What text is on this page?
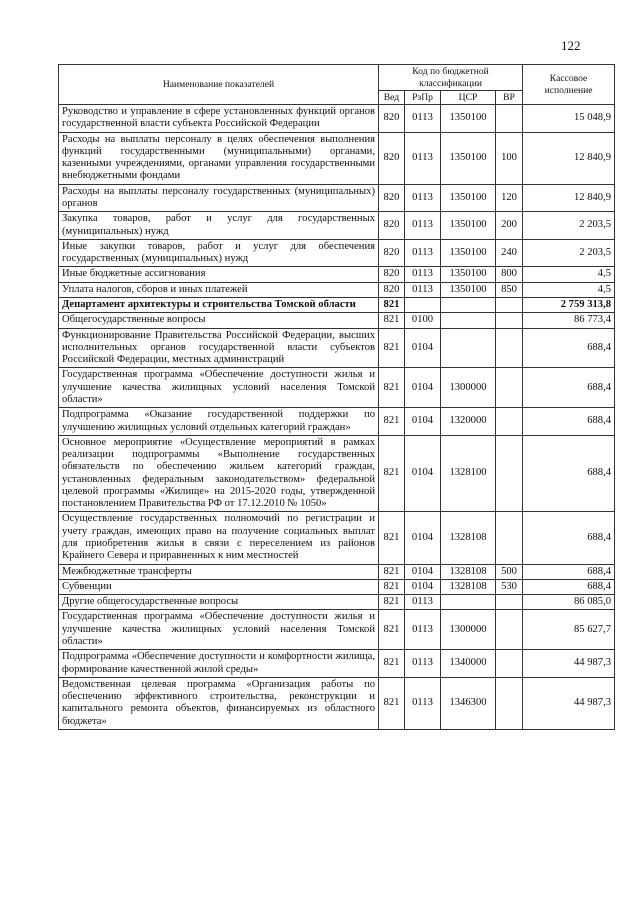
122
Наименование показателей	Код по бюджетной классификации				Кассовое исполнение
	Вед	РзПр	ЦСР	ВР	
Руководство и управление в сфере установленных функций органов государственной власти субъекта Российской Федерации	820	0113	1350100		15 048,9
Расходы на выплаты персоналу в целях обеспечения выполнения функций государственными (муниципальными) органами, казенными учреждениями, органами управления государственными внебюджетными фондами	820	0113	1350100	100	12 840,9
Расходы на выплаты персоналу государственных (муниципальных) органов	820	0113	1350100	120	12 840,9
Закупка товаров, работ и услуг для государственных (муниципальных) нужд	820	0113	1350100	200	2 203,5
Иные закупки товаров, работ и услуг для обеспечения государственных (муниципальных) нужд	820	0113	1350100	240	2 203,5
Иные бюджетные ассигнования	820	0113	1350100	800	4,5
Уплата налогов, сборов и иных платежей	820	0113	1350100	850	4,5
Департамент архитектуры и строительства Томской области	821				2 759 313,8
Общегосударственные вопросы	821	0100			86 773,4
Функционирование Правительства Российской Федерации, высших исполнительных органов государственной власти субъектов Российской Федерации, местных администраций	821	0104			688,4
Государственная программа «Обеспечение доступности жилья и улучшение качества жилищных условий населения Томской области»	821	0104	1300000		688,4
Подпрограмма «Оказание государственной поддержки по улучшению жилищных условий отдельных категорий граждан»	821	0104	1320000		688,4
Основное мероприятие «Осуществление мероприятий в рамках реализации подпрограммы «Выполнение государственных обязательств по обеспечению жильем категорий граждан, установленных федеральным законодательством» федеральной целевой программы «Жилище» на 2015-2020 годы, утвержденной постановлением Правительства РФ от 17.12.2010 № 1050»	821	0104	1328100		688,4
Осуществление государственных полномочий по регистрации и учету граждан, имеющих право на получение социальных выплат для приобретения жилья в связи с переселением из районов Крайнего Севера и приравненных к ним местностей	821	0104	1328108		688,4
Межбюджетные трансферты	821	0104	1328108	500	688,4
Субвенции	821	0104	1328108	530	688,4
Другие общегосударственные вопросы	821	0113			86 085,0
Государственная программа «Обеспечение доступности жилья и улучшение качества жилищных условий населения Томской области»	821	0113	1300000		85 627,7
Подпрограмма «Обеспечение доступности и комфортности жилища, формирование качественной жилой среды»	821	0113	1340000		44 987,3
Ведомственная целевая программа «Организация работы по обеспечению эффективного строительства, реконструкции и капитального ремонта объектов, финансируемых из областного бюджета»	821	0113	1346300		44 987,3
